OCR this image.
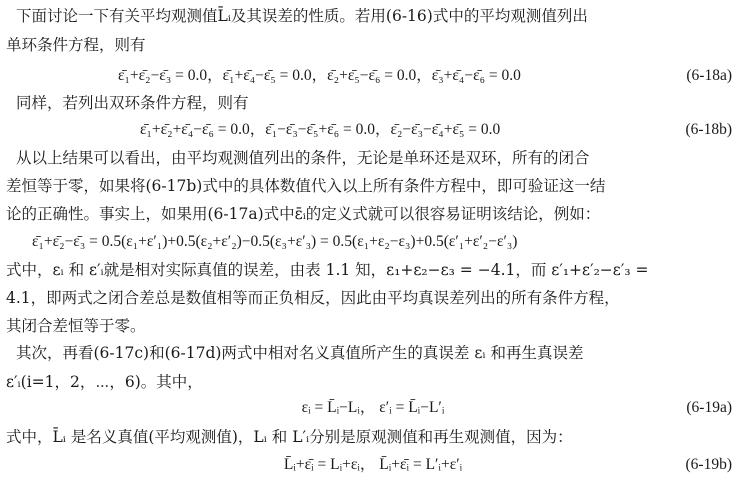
下面讨论一下有关平均观测值L̄ᵢ及其误差的性质。若用(6-16)式中的平均观测值列出
单环条件方程，则有
ε̄₁+ε̄₂−ε̄₃ = 0.0，ε̄₁+ε̄₄−ε̄₅ = 0.0，ε̄₂+ε̄₅−ε̄₆ = 0.0，ε̄₃+ε̄₄−ε̄₆ = 0.0	(6-18a)
同样，若列出双环条件方程，则有
ε̄₁+ε̄₂+ε̄₄−ε̄₆ = 0.0，ε̄₁−ε̄₃−ε̄₅+ε̄₆ = 0.0，ε̄₂−ε̄₃−ε̄₄+ε̄₅ = 0.0	(6-18b)
从以上结果可以看出，由平均观测值列出的条件，无论是单环还是双环，所有的闭合
差恒等于零，如果将(6-17b)式中的具体数值代入以上所有条件方程中，即可验证这一结
论的正确性。事实上，如果用(6-17a)式中ε̄ᵢ的定义式就可以很容易证明该结论，例如：
ε̄₁+ε̄₂−ε̄₃ = 0.5(ε₁+ε′₁)+0.5(ε₂+ε′₂)−0.5(ε₃+ε′₃) = 0.5(ε₁+ε₂−ε₃)+0.5(ε′₁+ε′₂−ε′₃)
式中，εᵢ 和 ε′ᵢ就是相对实际真值的误差，由表 1.1 知，ε₁+ε₂−ε₃ = −4.1，而 ε′₁+ε′₂−ε′₃ =
4.1，即两式之闭合差总是数值相等而正负相反，因此由平均真误差列出的所有条件方程，
其闭合差恒等于零。
其次，再看(6-17c)和(6-17d)两式中相对名义真值所产生的真误差 εᵢ 和再生真误差
ε′ᵢ(i=1，2，⋯，6)。其中，
εᵢ = L̄ᵢ−Lᵢ， ε′ᵢ = L̄ᵢ−L′ᵢ	(6-19a)
式中，L̄ᵢ 是名义真值(平均观测值)，Lᵢ 和 L′ᵢ分别是原观测值和再生观测值，因为：
L̄ᵢ+ε̄ᵢ = Lᵢ+εᵢ， L̄ᵢ+ε̄ᵢ = L′ᵢ+ε′ᵢ	(6-19b)
